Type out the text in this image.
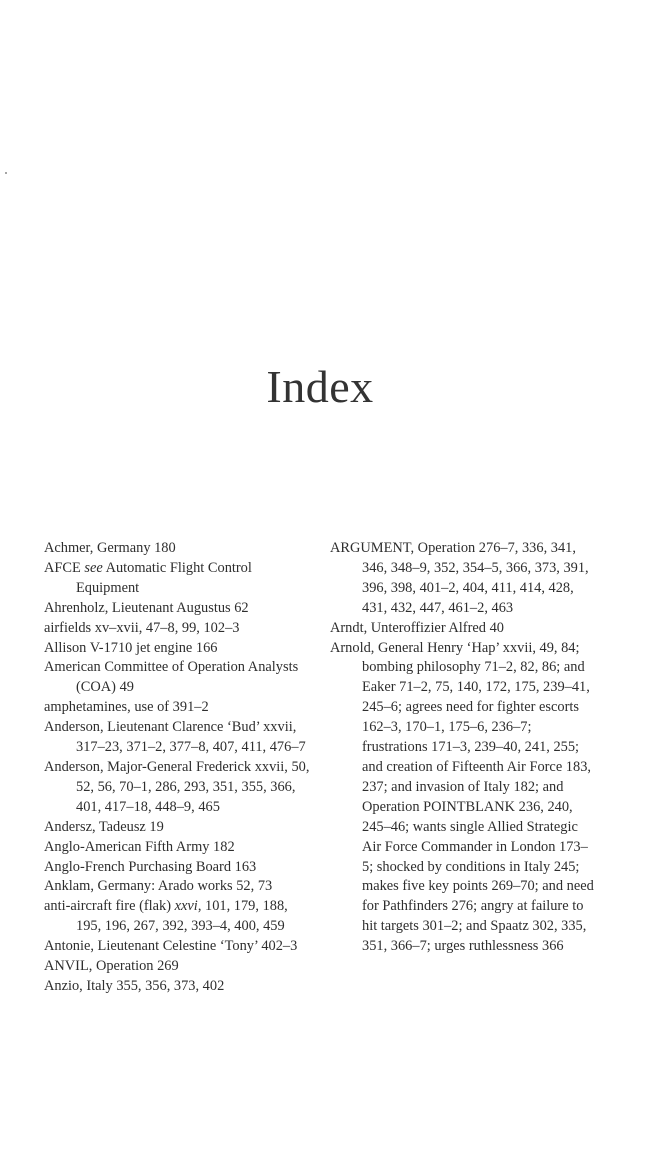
Index

Achmer, Germany 180

AFCE see Automatic Flight Control Equipment

Ahrenholz, Lieutenant Augustus 62

airfields xv–xvii, 47–8, 99, 102–3

Allison V-1710 jet engine 166

American Committee of Operation Analysts (COA) 49

amphetamines, use of 391–2

Anderson, Lieutenant Clarence ‘Bud’ xxvii, 317–23, 371–2, 377–8, 407, 411, 476–7

Anderson, Major-General Frederick xxvii, 50, 52, 56, 70–1, 286, 293, 351, 355, 366, 401, 417–18, 448–9, 465

Andersz, Tadeusz 19

Anglo-American Fifth Army 182

Anglo-French Purchasing Board 163

Anklam, Germany: Arado works 52, 73

anti-aircraft fire (flak) xxvi, 101, 179, 188, 195, 196, 267, 392, 393–4, 400, 459

Antonie, Lieutenant Celestine ‘Tony’ 402–3

ANVIL, Operation 269

Anzio, Italy 355, 356, 373, 402

ARGUMENT, Operation 276–7, 336, 341, 346, 348–9, 352, 354–5, 366, 373, 391, 396, 398, 401–2, 404, 411, 414, 428, 431, 432, 447, 461–2, 463

Arndt, Unteroffizier Alfred 40

Arnold, General Henry ‘Hap’ xxvii, 49, 84; bombing philosophy 71–2, 82, 86; and Eaker 71–2, 75, 140, 172, 175, 239–41, 245–6; agrees need for fighter escorts 162–3, 170–1, 175–6, 236–7; frustrations 171–3, 239–40, 241, 255; and creation of Fifteenth Air Force 183, 237; and invasion of Italy 182; and Operation POINTBLANK 236, 240, 245–46; wants single Allied Strategic Air Force Commander in London 173–5; shocked by conditions in Italy 245; makes five key points 269–70; and need for Pathfinders 276; angry at failure to hit targets 301–2; and Spaatz 302, 335, 351, 366–7; urges ruthlessness 366
